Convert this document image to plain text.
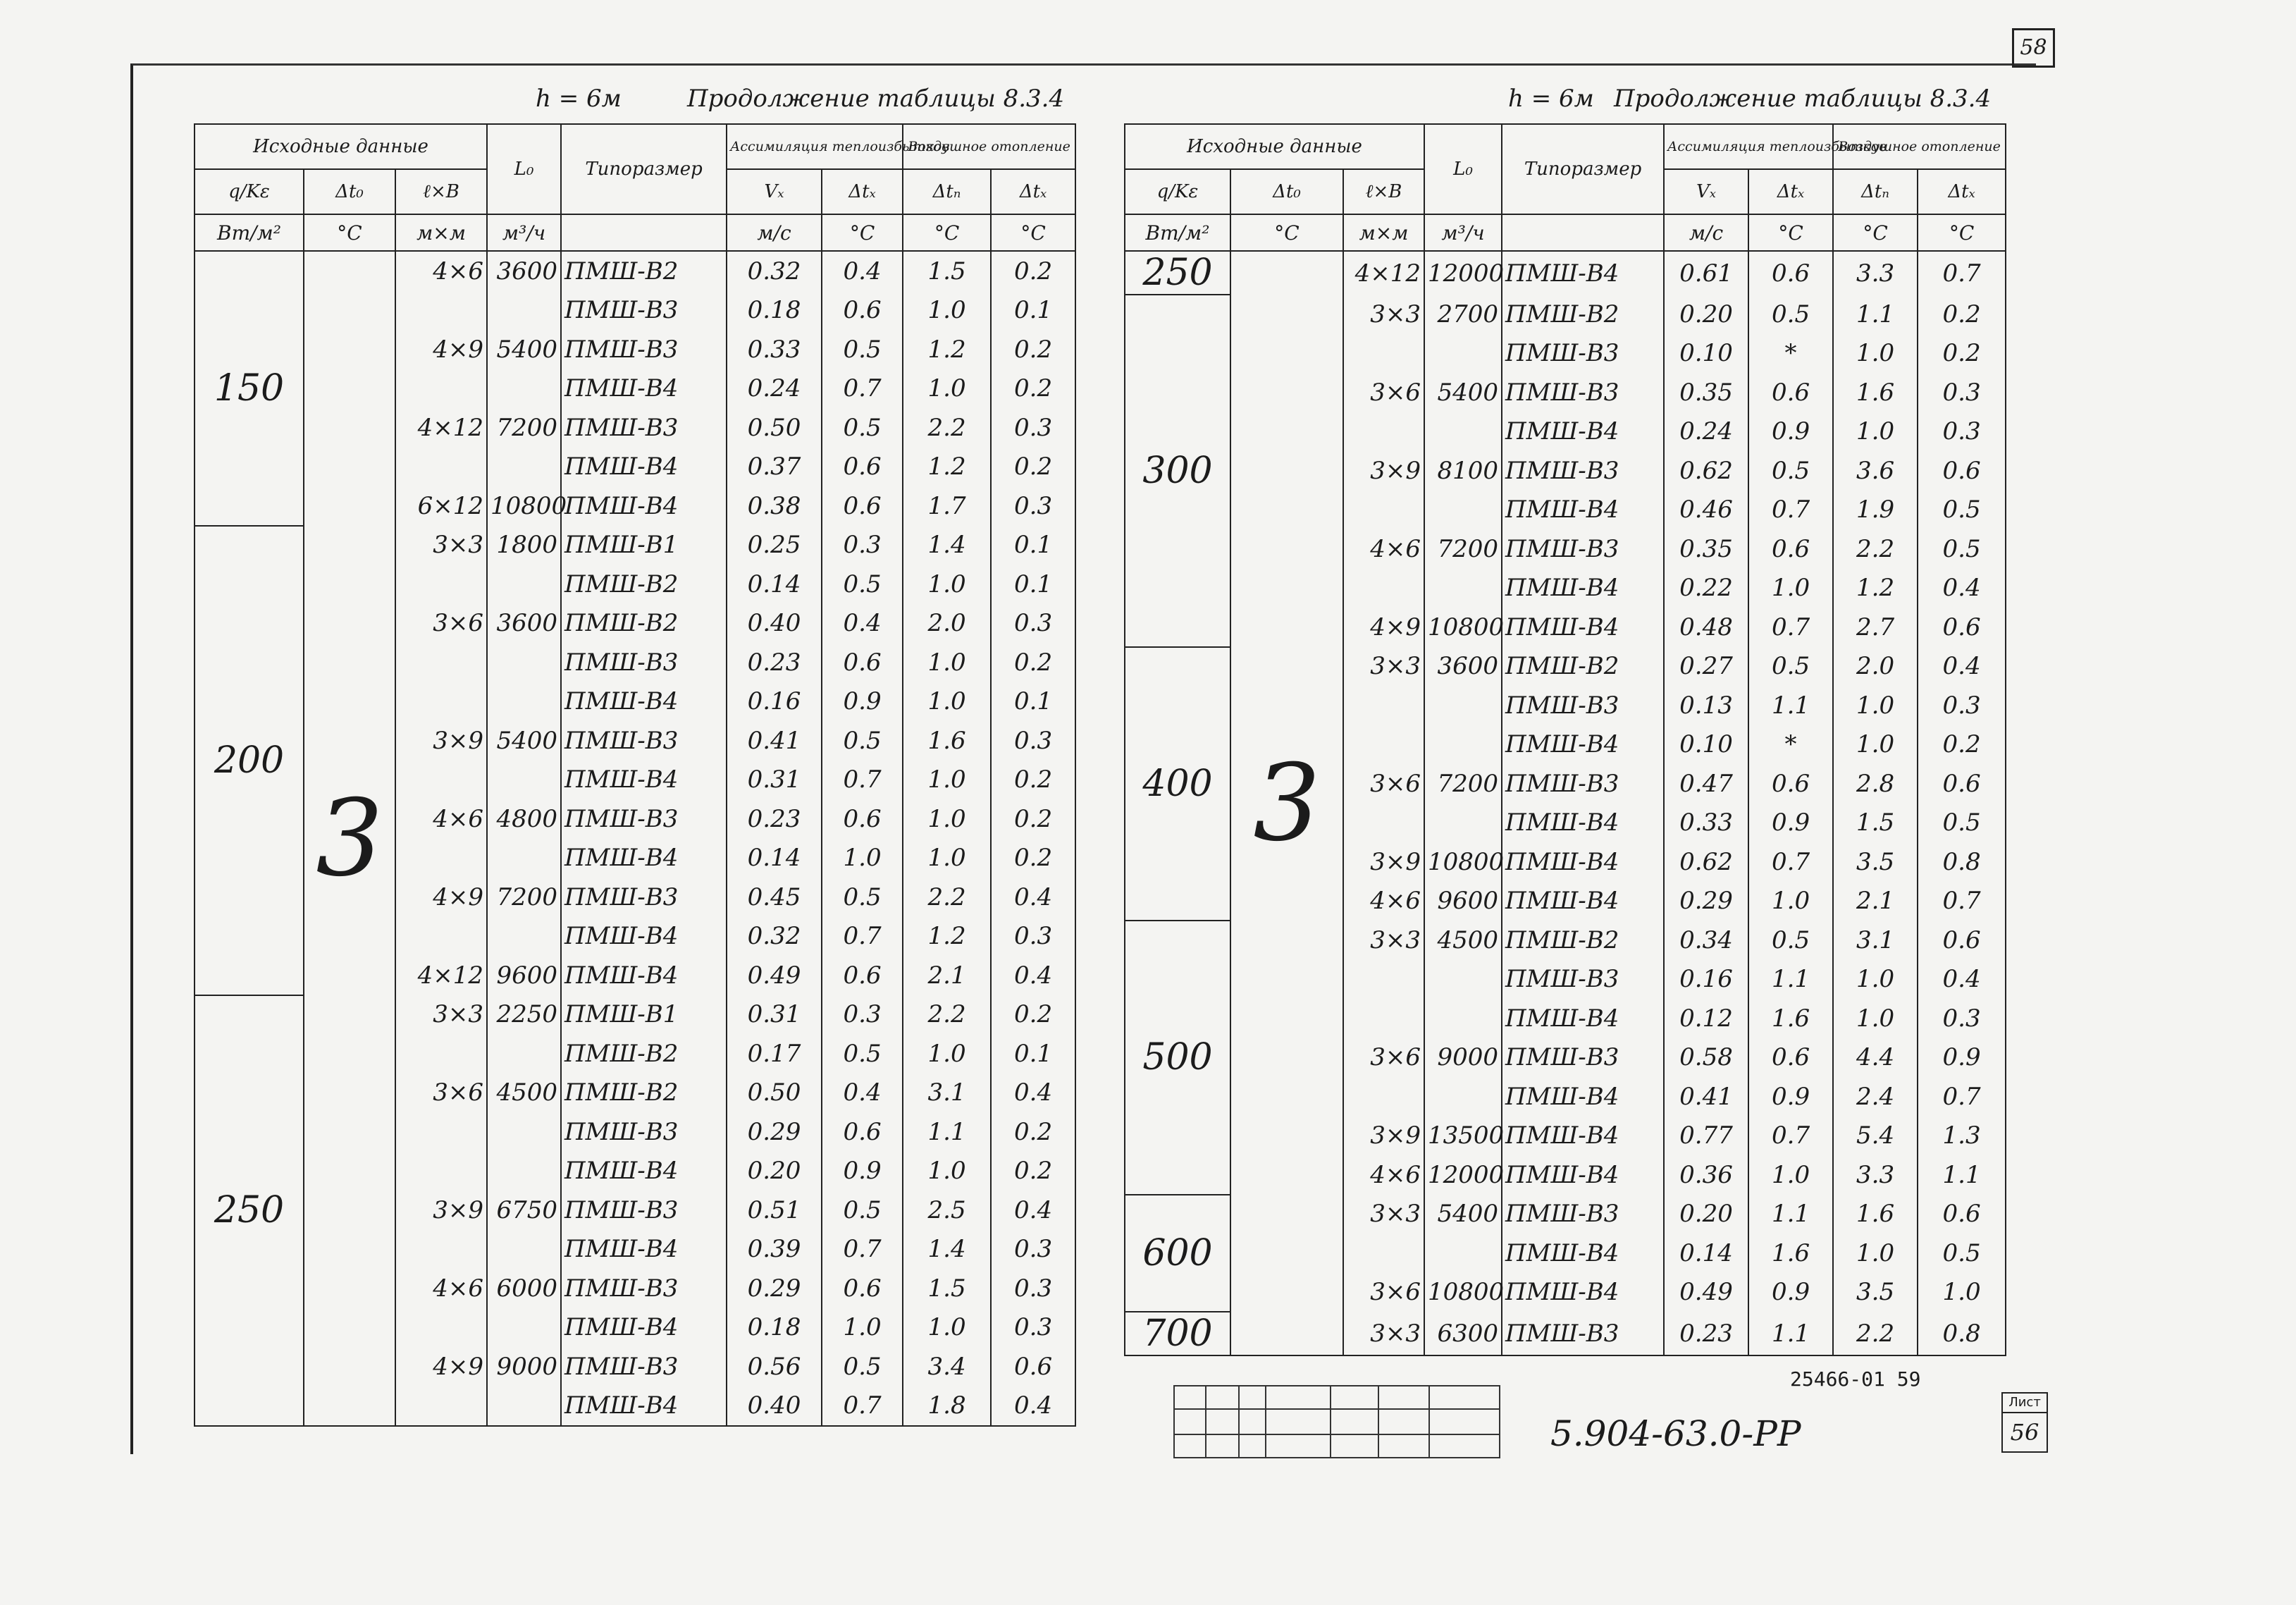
58
h = 6м	Продолжение таблицы 8.3.4
Исходные данные			L₀	Типоразмер	Ассимиляция теплоизбытков		Воздушное отопление	
q/Kε	Δt₀	ℓ×B			Vₓ	Δtₓ	Δtₙ	Δtₓ
Вт/м²	°С	м×м	м³/ч		м/с	°С	°С	°С
150	3	4×6	3600	ПМШ-В2	0.32	0.4	1.5	0.2
				ПМШ-В3	0.18	0.6	1.0	0.1
		4×9	5400	ПМШ-В3	0.33	0.5	1.2	0.2
				ПМШ-В4	0.24	0.7	1.0	0.2
		4×12	7200	ПМШ-В3	0.50	0.5	2.2	0.3
				ПМШ-В4	0.37	0.6	1.2	0.2
		6×12	10800	ПМШ-В4	0.38	0.6	1.7	0.3
200		3×3	1800	ПМШ-В1	0.25	0.3	1.4	0.1
				ПМШ-В2	0.14	0.5	1.0	0.1
		3×6	3600	ПМШ-В2	0.40	0.4	2.0	0.3
				ПМШ-В3	0.23	0.6	1.0	0.2
				ПМШ-В4	0.16	0.9	1.0	0.1
		3×9	5400	ПМШ-В3	0.41	0.5	1.6	0.3
				ПМШ-В4	0.31	0.7	1.0	0.2
		4×6	4800	ПМШ-В3	0.23	0.6	1.0	0.2
				ПМШ-В4	0.14	1.0	1.0	0.2
		4×9	7200	ПМШ-В3	0.45	0.5	2.2	0.4
				ПМШ-В4	0.32	0.7	1.2	0.3
		4×12	9600	ПМШ-В4	0.49	0.6	2.1	0.4
250		3×3	2250	ПМШ-В1	0.31	0.3	2.2	0.2
				ПМШ-В2	0.17	0.5	1.0	0.1
		3×6	4500	ПМШ-В2	0.50	0.4	3.1	0.4
				ПМШ-В3	0.29	0.6	1.1	0.2
				ПМШ-В4	0.20	0.9	1.0	0.2
		3×9	6750	ПМШ-В3	0.51	0.5	2.5	0.4
				ПМШ-В4	0.39	0.7	1.4	0.3
		4×6	6000	ПМШ-В3	0.29	0.6	1.5	0.3
				ПМШ-В4	0.18	1.0	1.0	0.3
		4×9	9000	ПМШ-В3	0.56	0.5	3.4	0.6
				ПМШ-В4	0.40	0.7	1.8	0.4
h = 6м Продолжение таблицы 8.3.4
Исходные данные			L₀	Типоразмер	Ассимиляция теплоизбытков		Воздушное отопление	
q/Kε	Δt₀	ℓ×B			Vₓ	Δtₓ	Δtₙ	Δtₓ
Вт/м²	°С	м×м	м³/ч		м/с	°С	°С	°С
250	3	4×12	12000	ПМШ-В4	0.61	0.6	3.3	0.7
300		3×3	2700	ПМШ-В2	0.20	0.5	1.1	0.2
				ПМШ-В3	0.10	*	1.0	0.2
		3×6	5400	ПМШ-В3	0.35	0.6	1.6	0.3
				ПМШ-В4	0.24	0.9	1.0	0.3
		3×9	8100	ПМШ-В3	0.62	0.5	3.6	0.6
				ПМШ-В4	0.46	0.7	1.9	0.5
		4×6	7200	ПМШ-В3	0.35	0.6	2.2	0.5
				ПМШ-В4	0.22	1.0	1.2	0.4
		4×9	10800	ПМШ-В4	0.48	0.7	2.7	0.6
400		3×3	3600	ПМШ-В2	0.27	0.5	2.0	0.4
				ПМШ-В3	0.13	1.1	1.0	0.3
				ПМШ-В4	0.10	*	1.0	0.2
		3×6	7200	ПМШ-В3	0.47	0.6	2.8	0.6
				ПМШ-В4	0.33	0.9	1.5	0.5
		3×9	10800	ПМШ-В4	0.62	0.7	3.5	0.8
		4×6	9600	ПМШ-В4	0.29	1.0	2.1	0.7
500		3×3	4500	ПМШ-В2	0.34	0.5	3.1	0.6
				ПМШ-В3	0.16	1.1	1.0	0.4
				ПМШ-В4	0.12	1.6	1.0	0.3
		3×6	9000	ПМШ-В3	0.58	0.6	4.4	0.9
				ПМШ-В4	0.41	0.9	2.4	0.7
		3×9	13500	ПМШ-В4	0.77	0.7	5.4	1.3
		4×6	12000	ПМШ-В4	0.36	1.0	3.3	1.1
600		3×3	5400	ПМШ-В3	0.20	1.1	1.6	0.6
				ПМШ-В4	0.14	1.6	1.0	0.5
		3×6	10800	ПМШ-В4	0.49	0.9	3.5	1.0
700		3×3	6300	ПМШ-В3	0.23	1.1	2.2	0.8
25466-01 59
5.904-63.0-РР
Лист
56
